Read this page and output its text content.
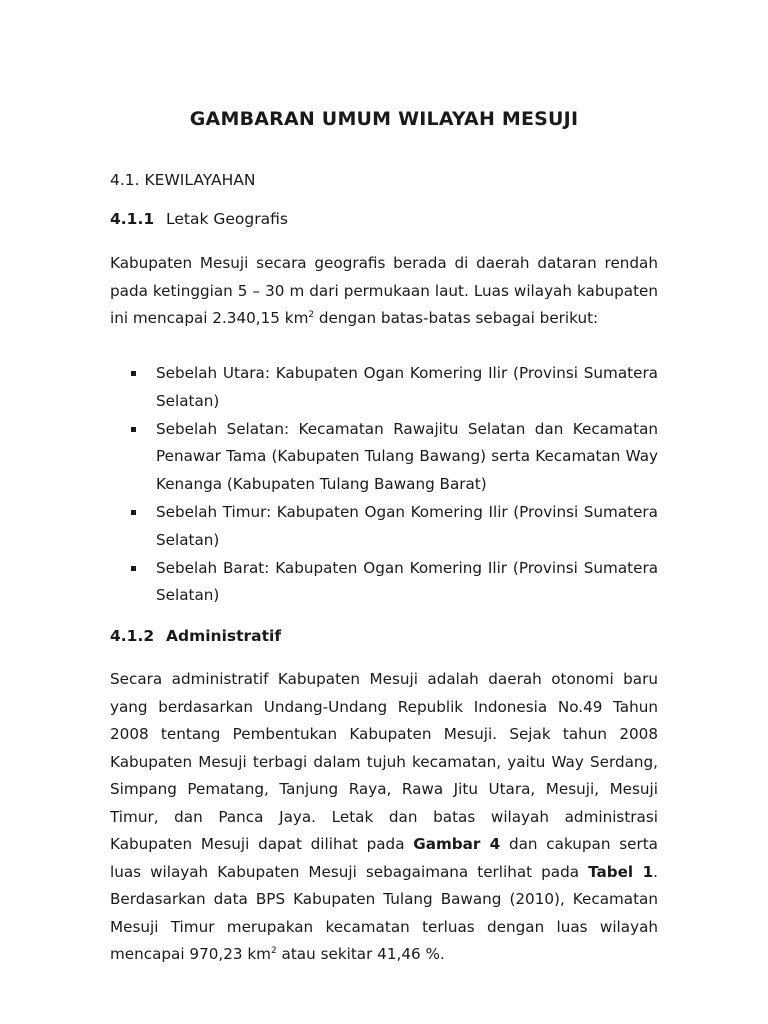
GAMBARAN UMUM WILAYAH MESUJI
4.1. KEWILAYAHAN
4.1.1 Letak Geografis

Kabupaten Mesuji secara geografis berada di daerah dataran rendah pada ketinggian 5 – 30 m dari permukaan laut. Luas wilayah kabupaten ini mencapai 2.340,15 $km^2$ dengan batas-batas sebagai berikut:

Sebelah Utara: Kabupaten Ogan Komering Ilir (Provinsi Sumatera Selatan)
Sebelah Selatan: Kecamatan Rawajitu Selatan dan Kecamatan Penawar Tama (Kabupaten Tulang Bawang) serta Kecamatan Way Kenanga (Kabupaten Tulang Bawang Barat)
Sebelah Timur: Kabupaten Ogan Komering Ilir (Provinsi Sumatera Selatan)
Sebelah Barat: Kabupaten Ogan Komering Ilir (Provinsi Sumatera Selatan)
4.1.2 Administratif

Secara administratif Kabupaten Mesuji adalah daerah otonomi baru yang berdasarkan Undang-Undang Republik Indonesia No.49 Tahun 2008 tentang Pembentukan Kabupaten Mesuji. Sejak tahun 2008 Kabupaten Mesuji terbagi dalam tujuh kecamatan, yaitu Way Serdang, Simpang Pematang, Tanjung Raya, Rawa Jitu Utara, Mesuji, Mesuji Timur, dan Panca Jaya. Letak dan batas wilayah administrasi Kabupaten Mesuji dapat dilihat pada Gambar 4 dan cakupan serta luas wilayah Kabupaten Mesuji sebagaimana terlihat pada Tabel 1. Berdasarkan data BPS Kabupaten Tulang Bawang (2010), Kecamatan Mesuji Timur merupakan kecamatan terluas dengan luas wilayah mencapai 970,23 $km^2$ atau sekitar 41,46 %.
